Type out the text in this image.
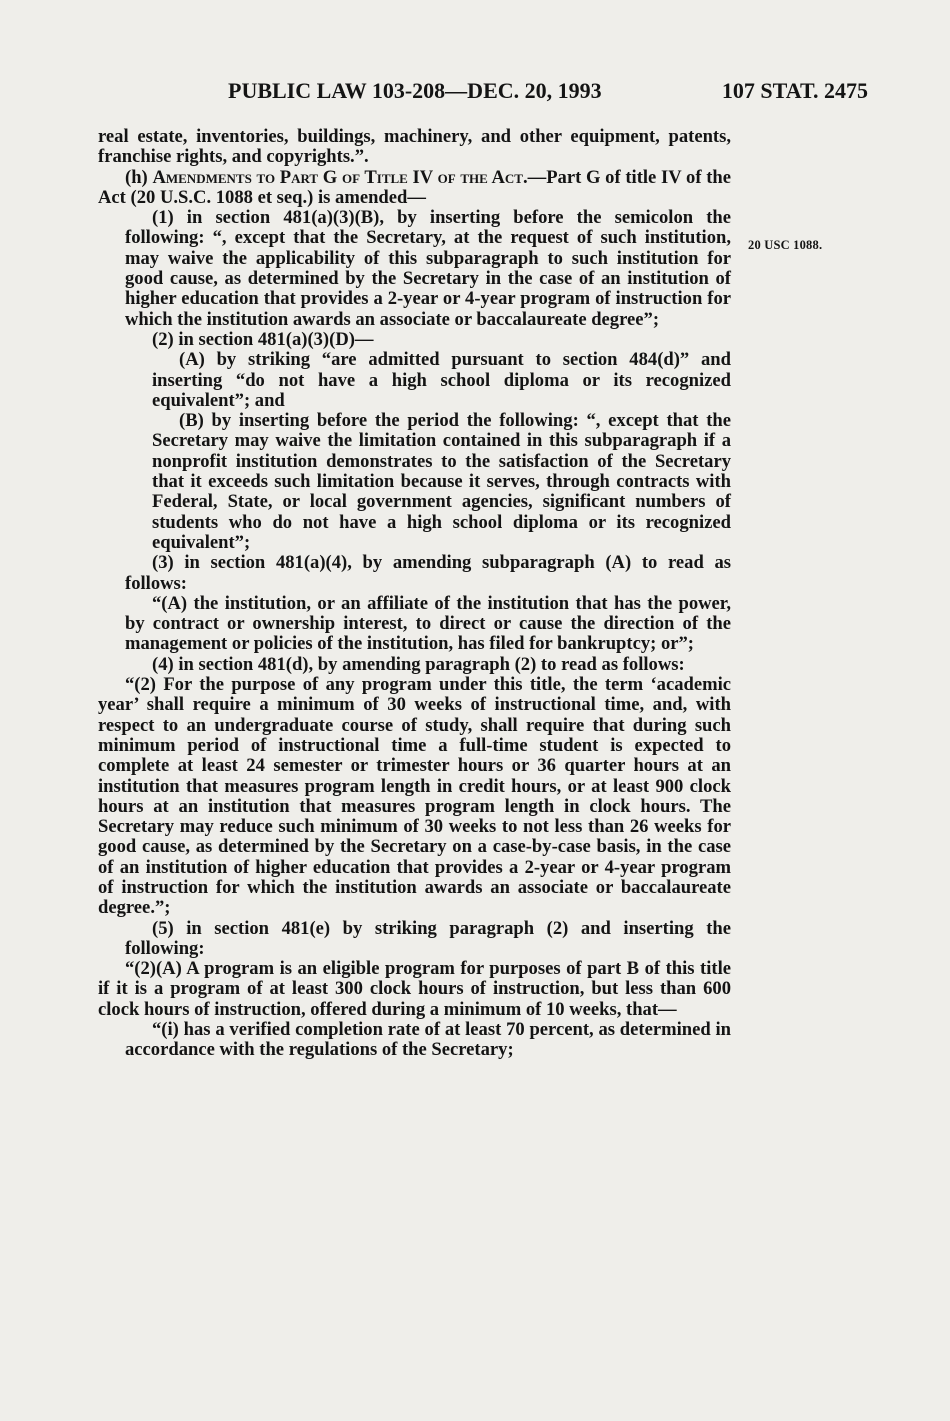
PUBLIC LAW 103-208—DEC. 20, 1993	107 STAT. 2475
20 USC 1088.

real estate, inventories, buildings, machinery, and other equipment, patents, franchise rights, and copyrights.”.

(h) Amendments to Part G of Title IV of the Act.—Part G of title IV of the Act (20 U.S.C. 1088 et seq.) is amended—

(1) in section 481(a)(3)(B), by inserting before the semicolon the following: “, except that the Secretary, at the request of such institution, may waive the applicability of this subparagraph to such institution for good cause, as determined by the Secretary in the case of an institution of higher education that provides a 2-year or 4-year program of instruction for which the institution awards an associate or baccalaureate degree”;

(2) in section 481(a)(3)(D)—

(A) by striking “are admitted pursuant to section 484(d)” and inserting “do not have a high school diploma or its recognized equivalent”; and

(B) by inserting before the period the following: “, except that the Secretary may waive the limitation contained in this subparagraph if a nonprofit institution demonstrates to the satisfaction of the Secretary that it exceeds such limitation because it serves, through contracts with Federal, State, or local government agencies, significant numbers of students who do not have a high school diploma or its recognized equivalent”;

(3) in section 481(a)(4), by amending subparagraph (A) to read as follows:

“(A) the institution, or an affiliate of the institution that has the power, by contract or ownership interest, to direct or cause the direction of the management or policies of the institution, has filed for bankruptcy; or”;

(4) in section 481(d), by amending paragraph (2) to read as follows:

“(2) For the purpose of any program under this title, the term ‘academic year’ shall require a minimum of 30 weeks of instructional time, and, with respect to an undergraduate course of study, shall require that during such minimum period of instructional time a full-time student is expected to complete at least 24 semester or trimester hours or 36 quarter hours at an institution that measures program length in credit hours, or at least 900 clock hours at an institution that measures program length in clock hours. The Secretary may reduce such minimum of 30 weeks to not less than 26 weeks for good cause, as determined by the Secretary on a case-by-case basis, in the case of an institution of higher education that provides a 2-year or 4-year program of instruction for which the institution awards an associate or baccalaureate degree.”;

(5) in section 481(e) by striking paragraph (2) and inserting the following:

“(2)(A) A program is an eligible program for purposes of part B of this title if it is a program of at least 300 clock hours of instruction, but less than 600 clock hours of instruction, offered during a minimum of 10 weeks, that—

“(i) has a verified completion rate of at least 70 percent, as determined in accordance with the regulations of the Secretary;
